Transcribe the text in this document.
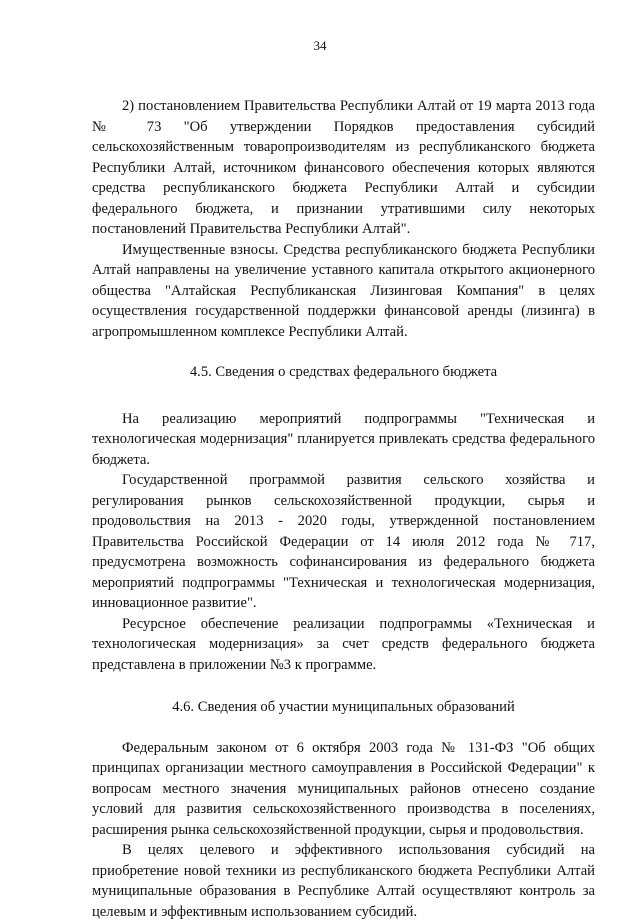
34

2) постановлением Правительства Республики Алтай от 19 марта 2013 года № 73 "Об утверждении Порядков предоставления субсидий сельскохозяйственным товаропроизводителям из республиканского бюджета Республики Алтай, источником финансового обеспечения которых являются средства республиканского бюджета Республики Алтай и субсидии федерального бюджета, и признании утратившими силу некоторых постановлений Правительства Республики Алтай".

Имущественные взносы. Средства республиканского бюджета Республики Алтай направлены на увеличение уставного капитала открытого акционерного общества "Алтайская Республиканская Лизинговая Компания" в целях осуществления государственной поддержки финансовой аренды (лизинга) в агропромышленном комплексе Республики Алтай.

4.5. Сведения о средствах федерального бюджета

На реализацию мероприятий подпрограммы "Техническая и технологическая модернизация" планируется привлекать средства федерального бюджета.

Государственной программой развития сельского хозяйства и регулирования рынков сельскохозяйственной продукции, сырья и продовольствия на 2013 - 2020 годы, утвержденной постановлением Правительства Российской Федерации от 14 июля 2012 года № 717, предусмотрена возможность софинансирования из федерального бюджета мероприятий подпрограммы "Техническая и технологическая модернизация, инновационное развитие".

Ресурсное обеспечение реализации подпрограммы «Техническая и технологическая модернизация» за счет средств федерального бюджета представлена в приложении №3 к программе.

4.6. Сведения об участии муниципальных образований

Федеральным законом от 6 октября 2003 года № 131-ФЗ "Об общих принципах организации местного самоуправления в Российской Федерации" к вопросам местного значения муниципальных районов отнесено создание условий для развития сельскохозяйственного производства в поселениях, расширения рынка сельскохозяйственной продукции, сырья и продовольствия.

В целях целевого и эффективного использования субсидий на приобретение новой техники из республиканского бюджета Республики Алтай муниципальные образования в Республике Алтай осуществляют контроль за целевым и эффективным использованием субсидий.
